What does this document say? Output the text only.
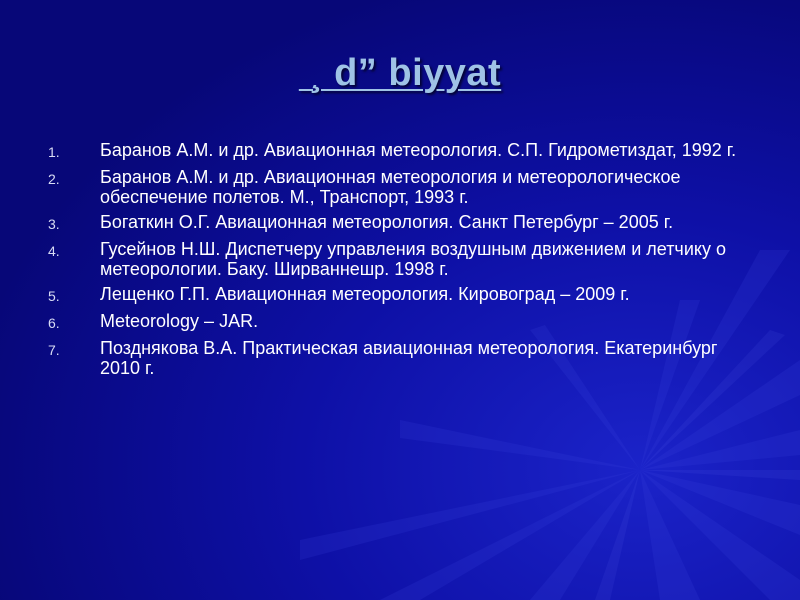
¸ d” biyyat
1.	Баранов А.М. и др. Авиационная метеорология. С.П. Гидрометиздат, 1992 г.
2.	Баранов А.М. и др. Авиационная метеорология и метеорологическое обеспечение полетов. М., Транспорт, 1993 г.
3.	Богаткин О.Г. Авиационная метеорология. Санкт Петербург – 2005 г.
4.	Гусейнов Н.Ш. Диспетчеру управления воздушным движением и летчику о метеорологии. Баку. Ширваннешр. 1998 г.
5.	Лещенко Г.П. Авиационная метеорология. Кировоград – 2009 г.
6.	Meteorology – JAR.
7.	Позднякова В.А. Практическая авиационная метеорология. Екатеринбург 2010 г.
